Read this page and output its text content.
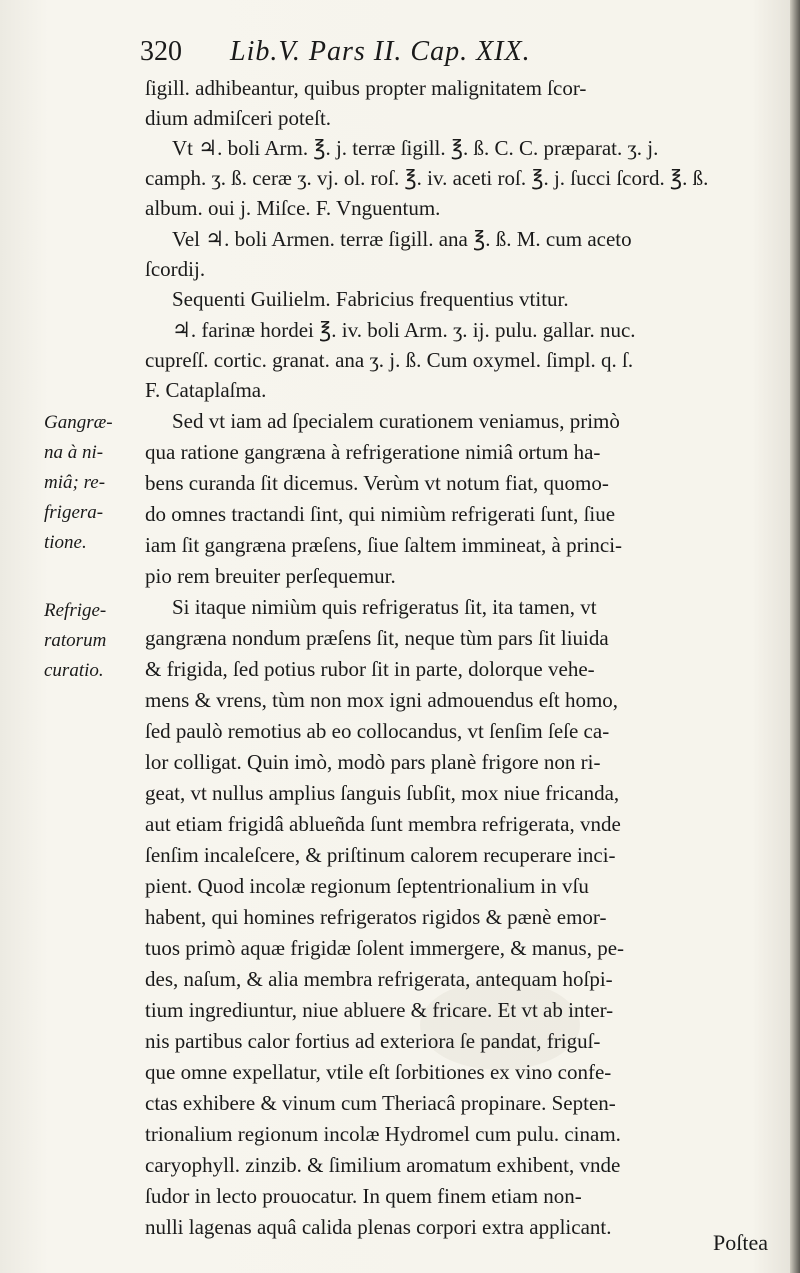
320 Lib.V. Pars II. Cap. XIX.
Gangræ-
na à ni-
miâ; re-
frigera-
tione.
Refrige-
ratorum
curatio.
ſigill. adhibeantur, quibus propter malignitatem ſcor-
dium admiſceri poteſt.
Vt ♃. boli Arm. ℥. j. terræ ſigill. ℥. ß. C. C. præparat. ʒ. j.
camph. ʒ. ß. ceræ ʒ. vj. ol. roſ. ℥. iv. aceti roſ. ℥. j. ſucci ſcord. ℥. ß.
album. oui j. Miſce. F. Vnguentum.
Vel ♃. boli Armen. terræ ſigill. ana ℥. ß. M. cum aceto
ſcordij.
Sequenti Guilielm. Fabricius frequentius vtitur.
♃. farinæ hordei ℥. iv. boli Arm. ʒ. ij. pulu. gallar. nuc.
cupreſſ. cortic. granat. ana ʒ. j. ß. Cum oxymel. ſimpl. q. ſ.
F. Cataplaſma.
Sed vt iam ad ſpecialem curationem veniamus, primò
qua ratione gangræna à refrigeratione nimiâ ortum ha-
bens curanda ſit dicemus. Verùm vt notum fiat, quomo-
do omnes tractandi ſint, qui nimiùm refrigerati ſunt, ſiue
iam ſit gangræna præſens, ſiue ſaltem immineat, à princi-
pio rem breuiter perſequemur.
Si itaque nimiùm quis refrigeratus ſit, ita tamen, vt
gangræna nondum præſens ſit, neque tùm pars ſit liuida
& frigida, ſed potius rubor ſit in parte, dolorque vehe-
mens & vrens, tùm non mox igni admouendus eſt homo,
ſed paulò remotius ab eo collocandus, vt ſenſim ſeſe ca-
lor colligat. Quin imò, modò pars planè frigore non ri-
geat, vt nullus amplius ſanguis ſubſit, mox niue fricanda,
aut etiam frigidâ ablueñda ſunt membra refrigerata, vnde
ſenſim incaleſcere, & priſtinum calorem recuperare inci-
pient. Quod incolæ regionum ſeptentrionalium in vſu
habent, qui homines refrigeratos rigidos & pænè emor-
tuos primò aquæ frigidæ ſolent immergere, & manus, pe-
des, naſum, & alia membra refrigerata, antequam hoſpi-
tium ingrediuntur, niue abluere & fricare. Et vt ab inter-
nis partibus calor fortius ad exteriora ſe pandat, friguſ-
que omne expellatur, vtile eſt ſorbitiones ex vino confe-
ctas exhibere & vinum cum Theriacâ propinare. Septen-
trionalium regionum incolæ Hydromel cum pulu. cinam.
caryophyll. zinzib. & ſimilium aromatum exhibent, vnde
ſudor in lecto prouocatur. In quem finem etiam non-
nulli lagenas aquâ calida plenas corpori extra applicant.
Poſtea
